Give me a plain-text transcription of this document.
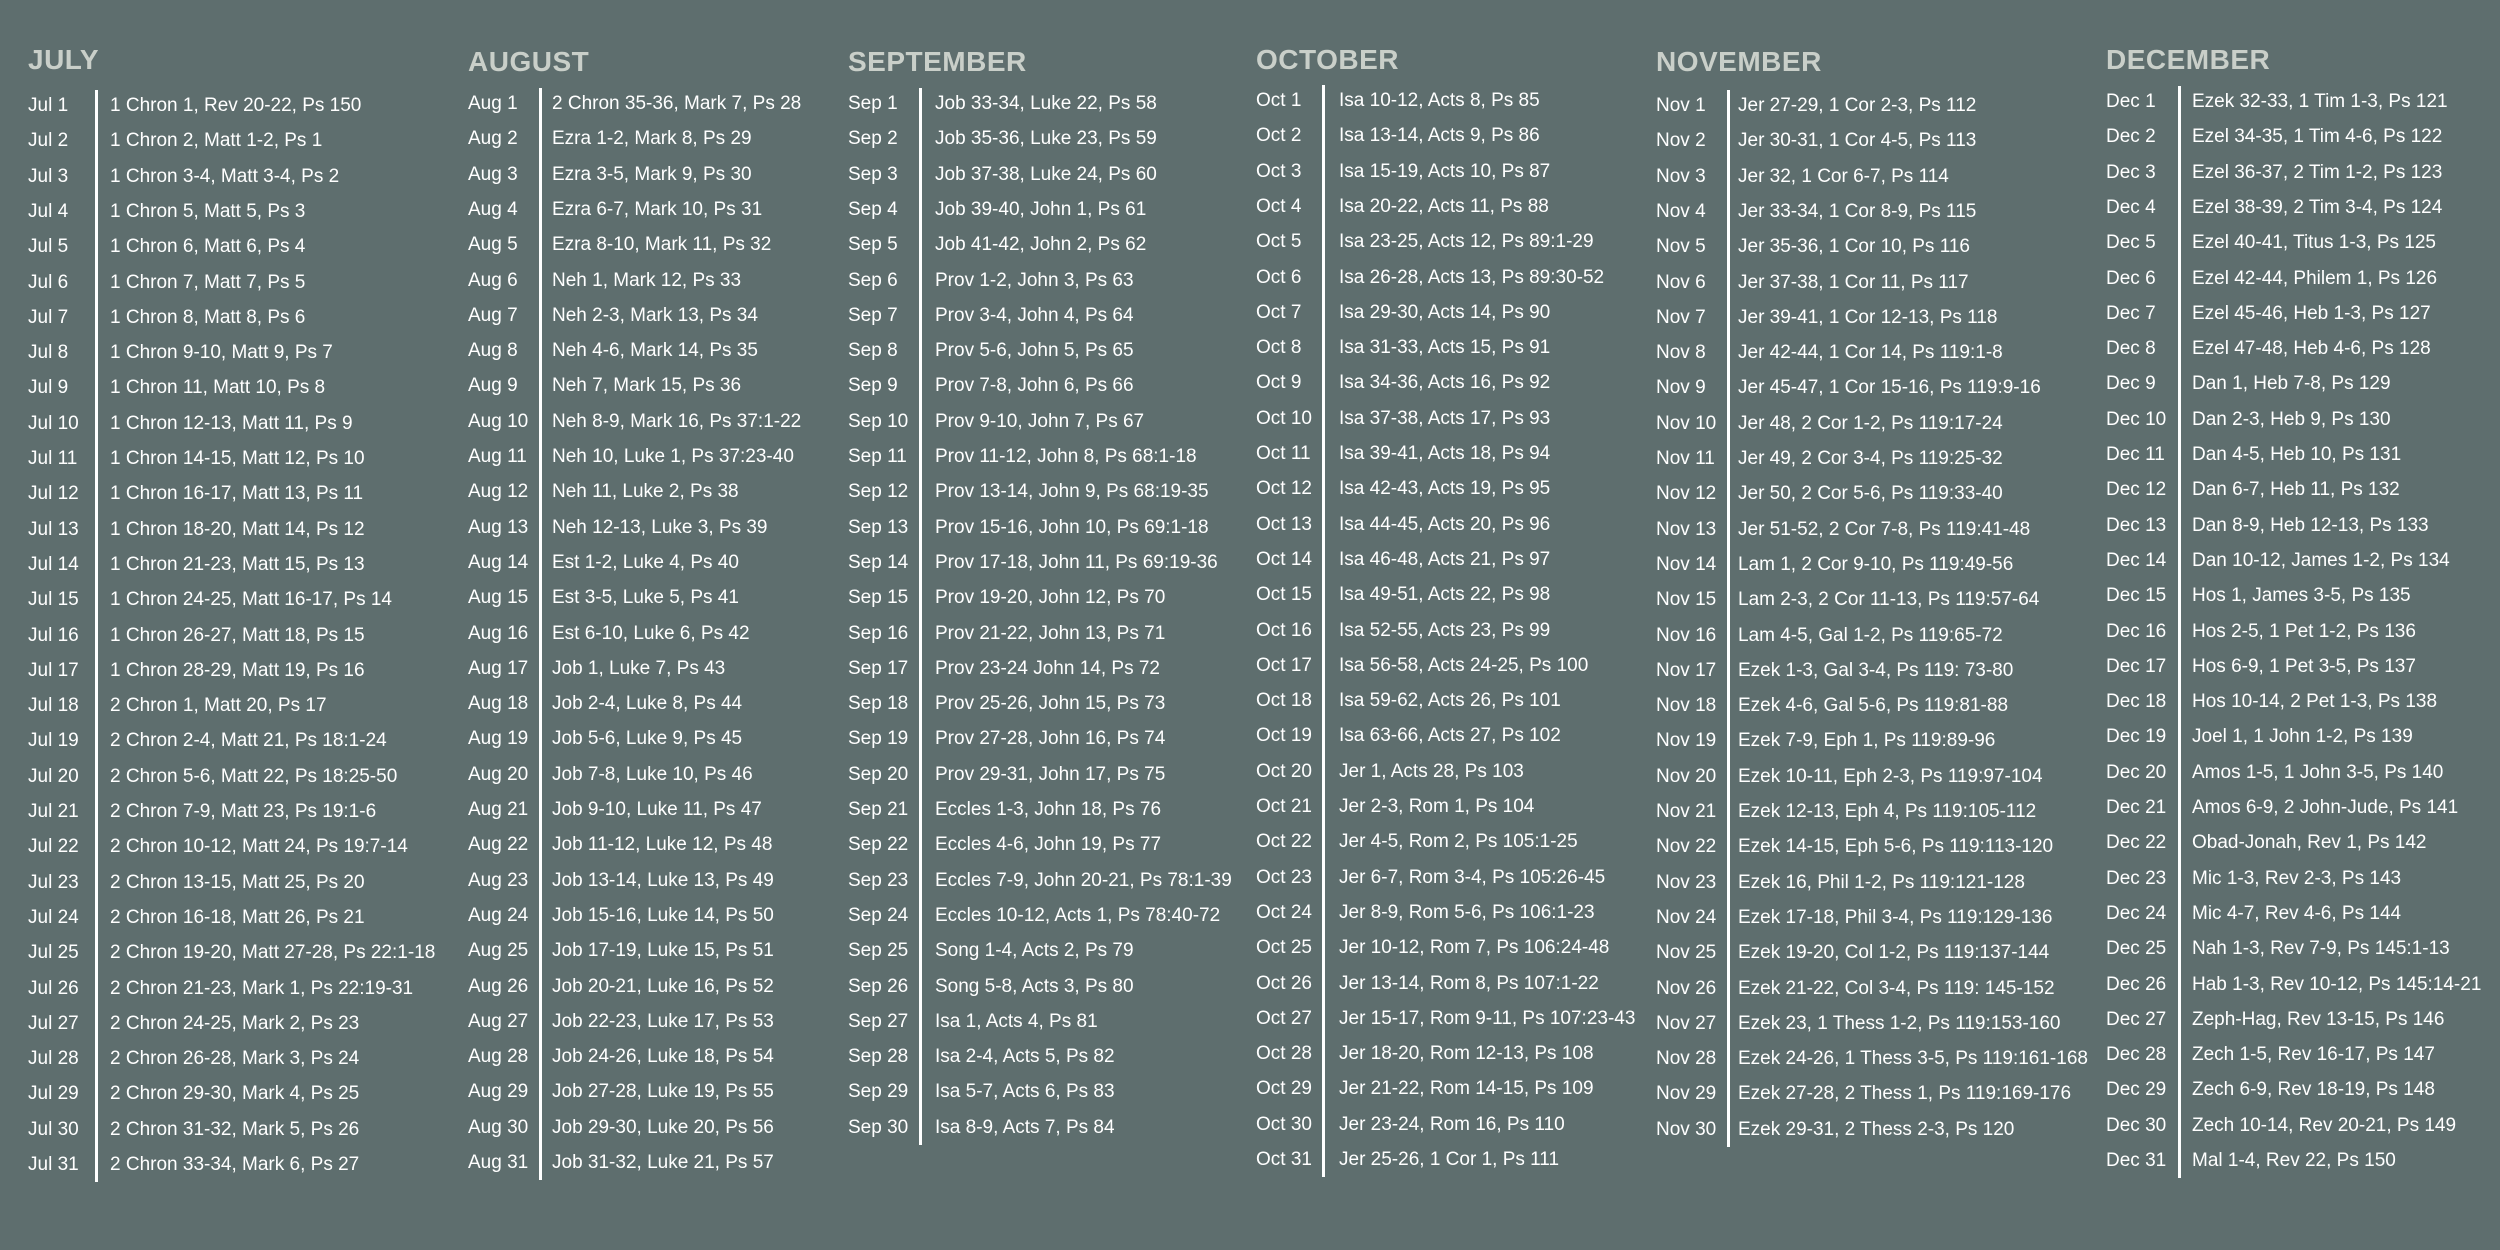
JULY
Jul 1 1 Chron 1, Rev 20-22, Ps 150
Jul 2 1 Chron 2, Matt 1-2, Ps 1
Jul 3 1 Chron 3-4, Matt 3-4, Ps 2
Jul 4 1 Chron 5, Matt 5, Ps 3
Jul 5 1 Chron 6, Matt 6, Ps 4
Jul 6 1 Chron 7, Matt 7, Ps 5
Jul 7 1 Chron 8, Matt 8, Ps 6
Jul 8 1 Chron 9-10, Matt 9, Ps 7
Jul 9 1 Chron 11, Matt 10, Ps 8
Jul 10 1 Chron 12-13, Matt 11, Ps 9
Jul 11 1 Chron 14-15, Matt 12, Ps 10
Jul 12 1 Chron 16-17, Matt 13, Ps 11
Jul 13 1 Chron 18-20, Matt 14, Ps 12
Jul 14 1 Chron 21-23, Matt 15, Ps 13
Jul 15 1 Chron 24-25, Matt 16-17, Ps 14
Jul 16 1 Chron 26-27, Matt 18, Ps 15
Jul 17 1 Chron 28-29, Matt 19, Ps 16
Jul 18 2 Chron 1, Matt 20, Ps 17
Jul 19 2 Chron 2-4, Matt 21, Ps 18:1-24
Jul 20 2 Chron 5-6, Matt 22, Ps 18:25-50
Jul 21 2 Chron 7-9, Matt 23, Ps 19:1-6
Jul 22 2 Chron 10-12, Matt 24, Ps 19:7-14
Jul 23 2 Chron 13-15, Matt 25, Ps 20
Jul 24 2 Chron 16-18, Matt 26, Ps 21
Jul 25 2 Chron 19-20, Matt 27-28, Ps 22:1-18
Jul 26 2 Chron 21-23, Mark 1, Ps 22:19-31
Jul 27 2 Chron 24-25, Mark 2, Ps 23
Jul 28 2 Chron 26-28, Mark 3, Ps 24
Jul 29 2 Chron 29-30, Mark 4, Ps 25
Jul 30 2 Chron 31-32, Mark 5, Ps 26
Jul 31 2 Chron 33-34, Mark 6, Ps 27
AUGUST
Aug 1 2 Chron 35-36, Mark 7, Ps 28
Aug 2 Ezra 1-2, Mark 8, Ps 29
Aug 3 Ezra 3-5, Mark 9, Ps 30
Aug 4 Ezra 6-7, Mark 10, Ps 31
Aug 5 Ezra 8-10, Mark 11, Ps 32
Aug 6 Neh 1, Mark 12, Ps 33
Aug 7 Neh 2-3, Mark 13, Ps 34
Aug 8 Neh 4-6, Mark 14, Ps 35
Aug 9 Neh 7, Mark 15, Ps 36
Aug 10 Neh 8-9, Mark 16, Ps 37:1-22
Aug 11 Neh 10, Luke 1, Ps 37:23-40
Aug 12 Neh 11, Luke 2, Ps 38
Aug 13 Neh 12-13, Luke 3, Ps 39
Aug 14 Est 1-2, Luke 4, Ps 40
Aug 15 Est 3-5, Luke 5, Ps 41
Aug 16 Est 6-10, Luke 6, Ps 42
Aug 17 Job 1, Luke 7, Ps 43
Aug 18 Job 2-4, Luke 8, Ps 44
Aug 19 Job 5-6, Luke 9, Ps 45
Aug 20 Job 7-8, Luke 10, Ps 46
Aug 21 Job 9-10, Luke 11, Ps 47
Aug 22 Job 11-12, Luke 12, Ps 48
Aug 23 Job 13-14, Luke 13, Ps 49
Aug 24 Job 15-16, Luke 14, Ps 50
Aug 25 Job 17-19, Luke 15, Ps 51
Aug 26 Job 20-21, Luke 16, Ps 52
Aug 27 Job 22-23, Luke 17, Ps 53
Aug 28 Job 24-26, Luke 18, Ps 54
Aug 29 Job 27-28, Luke 19, Ps 55
Aug 30 Job 29-30, Luke 20, Ps 56
Aug 31 Job 31-32, Luke 21, Ps 57
SEPTEMBER
Sep 1 Job 33-34, Luke 22, Ps 58
Sep 2 Job 35-36, Luke 23, Ps 59
Sep 3 Job 37-38, Luke 24, Ps 60
Sep 4 Job 39-40, John 1, Ps 61
Sep 5 Job 41-42, John 2, Ps 62
Sep 6 Prov 1-2, John 3, Ps 63
Sep 7 Prov 3-4, John 4, Ps 64
Sep 8 Prov 5-6, John 5, Ps 65
Sep 9 Prov 7-8, John 6, Ps 66
Sep 10 Prov 9-10, John 7, Ps 67
Sep 11 Prov 11-12, John 8, Ps 68:1-18
Sep 12 Prov 13-14, John 9, Ps 68:19-35
Sep 13 Prov 15-16, John 10, Ps 69:1-18
Sep 14 Prov 17-18, John 11, Ps 69:19-36
Sep 15 Prov 19-20, John 12, Ps 70
Sep 16 Prov 21-22, John 13, Ps 71
Sep 17 Prov 23-24 John 14, Ps 72
Sep 18 Prov 25-26, John 15, Ps 73
Sep 19 Prov 27-28, John 16, Ps 74
Sep 20 Prov 29-31, John 17, Ps 75
Sep 21 Eccles 1-3, John 18, Ps 76
Sep 22 Eccles 4-6, John 19, Ps 77
Sep 23 Eccles 7-9, John 20-21, Ps 78:1-39
Sep 24 Eccles 10-12, Acts 1, Ps 78:40-72
Sep 25 Song 1-4, Acts 2, Ps 79
Sep 26 Song 5-8, Acts 3, Ps 80
Sep 27 Isa 1, Acts 4, Ps 81
Sep 28 Isa 2-4, Acts 5, Ps 82
Sep 29 Isa 5-7, Acts 6, Ps 83
Sep 30 Isa 8-9, Acts 7, Ps 84
OCTOBER
Oct 1 Isa 10-12, Acts 8, Ps 85
Oct 2 Isa 13-14, Acts 9, Ps 86
Oct 3 Isa 15-19, Acts 10, Ps 87
Oct 4 Isa 20-22, Acts 11, Ps 88
Oct 5 Isa 23-25, Acts 12, Ps 89:1-29
Oct 6 Isa 26-28, Acts 13, Ps 89:30-52
Oct 7 Isa 29-30, Acts 14, Ps 90
Oct 8 Isa 31-33, Acts 15, Ps 91
Oct 9 Isa 34-36, Acts 16, Ps 92
Oct 10 Isa 37-38, Acts 17, Ps 93
Oct 11 Isa 39-41, Acts 18, Ps 94
Oct 12 Isa 42-43, Acts 19, Ps 95
Oct 13 Isa 44-45, Acts 20, Ps 96
Oct 14 Isa 46-48, Acts 21, Ps 97
Oct 15 Isa 49-51, Acts 22, Ps 98
Oct 16 Isa 52-55, Acts 23, Ps 99
Oct 17 Isa 56-58, Acts 24-25, Ps 100
Oct 18 Isa 59-62, Acts 26, Ps 101
Oct 19 Isa 63-66, Acts 27, Ps 102
Oct 20 Jer 1, Acts 28, Ps 103
Oct 21 Jer 2-3, Rom 1, Ps 104
Oct 22 Jer 4-5, Rom 2, Ps 105:1-25
Oct 23 Jer 6-7, Rom 3-4, Ps 105:26-45
Oct 24 Jer 8-9, Rom 5-6, Ps 106:1-23
Oct 25 Jer 10-12, Rom 7, Ps 106:24-48
Oct 26 Jer 13-14, Rom 8, Ps 107:1-22
Oct 27 Jer 15-17, Rom 9-11, Ps 107:23-43
Oct 28 Jer 18-20, Rom 12-13, Ps 108
Oct 29 Jer 21-22, Rom 14-15, Ps 109
Oct 30 Jer 23-24, Rom 16, Ps 110
Oct 31 Jer 25-26, 1 Cor 1, Ps 111
NOVEMBER
Nov 1 Jer 27-29, 1 Cor 2-3, Ps 112
Nov 2 Jer 30-31, 1 Cor 4-5, Ps 113
Nov 3 Jer 32, 1 Cor 6-7, Ps 114
Nov 4 Jer 33-34, 1 Cor 8-9, Ps 115
Nov 5 Jer 35-36, 1 Cor 10, Ps 116
Nov 6 Jer 37-38, 1 Cor 11, Ps 117
Nov 7 Jer 39-41, 1 Cor 12-13, Ps 118
Nov 8 Jer 42-44, 1 Cor 14, Ps 119:1-8
Nov 9 Jer 45-47, 1 Cor 15-16, Ps 119:9-16
Nov 10 Jer 48, 2 Cor 1-2, Ps 119:17-24
Nov 11 Jer 49, 2 Cor 3-4, Ps 119:25-32
Nov 12 Jer 50, 2 Cor 5-6, Ps 119:33-40
Nov 13 Jer 51-52, 2 Cor 7-8, Ps 119:41-48
Nov 14 Lam 1, 2 Cor 9-10, Ps 119:49-56
Nov 15 Lam 2-3, 2 Cor 11-13, Ps 119:57-64
Nov 16 Lam 4-5, Gal 1-2, Ps 119:65-72
Nov 17 Ezek 1-3, Gal 3-4, Ps 119: 73-80
Nov 18 Ezek 4-6, Gal 5-6, Ps 119:81-88
Nov 19 Ezek 7-9, Eph 1, Ps 119:89-96
Nov 20 Ezek 10-11, Eph 2-3, Ps 119:97-104
Nov 21 Ezek 12-13, Eph 4, Ps 119:105-112
Nov 22 Ezek 14-15, Eph 5-6, Ps 119:113-120
Nov 23 Ezek 16, Phil 1-2, Ps 119:121-128
Nov 24 Ezek 17-18, Phil 3-4, Ps 119:129-136
Nov 25 Ezek 19-20, Col 1-2, Ps 119:137-144
Nov 26 Ezek 21-22, Col 3-4, Ps 119: 145-152
Nov 27 Ezek 23, 1 Thess 1-2, Ps 119:153-160
Nov 28 Ezek 24-26, 1 Thess 3-5, Ps 119:161-168
Nov 29 Ezek 27-28, 2 Thess 1, Ps 119:169-176
Nov 30 Ezek 29-31, 2 Thess 2-3, Ps 120
DECEMBER
Dec 1 Ezek 32-33, 1 Tim 1-3, Ps 121
Dec 2 Ezel 34-35, 1 Tim 4-6, Ps 122
Dec 3 Ezel 36-37, 2 Tim 1-2, Ps 123
Dec 4 Ezel 38-39, 2 Tim 3-4, Ps 124
Dec 5 Ezel 40-41, Titus 1-3, Ps 125
Dec 6 Ezel 42-44, Philem 1, Ps 126
Dec 7 Ezel 45-46, Heb 1-3, Ps 127
Dec 8 Ezel 47-48, Heb 4-6, Ps 128
Dec 9 Dan 1, Heb 7-8, Ps 129
Dec 10 Dan 2-3, Heb 9, Ps 130
Dec 11 Dan 4-5, Heb 10, Ps 131
Dec 12 Dan 6-7, Heb 11, Ps 132
Dec 13 Dan 8-9, Heb 12-13, Ps 133
Dec 14 Dan 10-12, James 1-2, Ps 134
Dec 15 Hos 1, James 3-5, Ps 135
Dec 16 Hos 2-5, 1 Pet 1-2, Ps 136
Dec 17 Hos 6-9, 1 Pet 3-5, Ps 137
Dec 18 Hos 10-14, 2 Pet 1-3, Ps 138
Dec 19 Joel 1, 1 John 1-2, Ps 139
Dec 20 Amos 1-5, 1 John 3-5, Ps 140
Dec 21 Amos 6-9, 2 John-Jude, Ps 141
Dec 22 Obad-Jonah, Rev 1, Ps 142
Dec 23 Mic 1-3, Rev 2-3, Ps 143
Dec 24 Mic 4-7, Rev 4-6, Ps 144
Dec 25 Nah 1-3, Rev 7-9, Ps 145:1-13
Dec 26 Hab 1-3, Rev 10-12, Ps 145:14-21
Dec 27 Zeph-Hag, Rev 13-15, Ps 146
Dec 28 Zech 1-5, Rev 16-17, Ps 147
Dec 29 Zech 6-9, Rev 18-19, Ps 148
Dec 30 Zech 10-14, Rev 20-21, Ps 149
Dec 31 Mal 1-4, Rev 22, Ps 150
